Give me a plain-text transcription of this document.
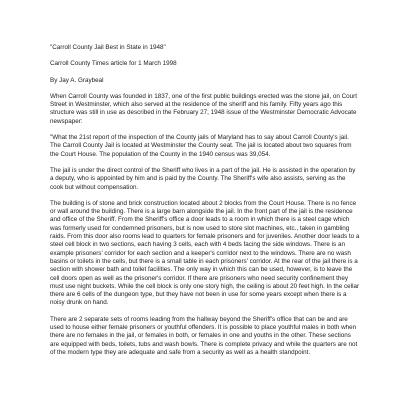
"Carroll County Jail Best in State in 1948"

Carroll County Times article for 1 March 1998

By Jay A. Graybeal

When Carroll County was founded in 1837, one of the first public buildings erected was the stone jail, on Court Street in Westminster, which also served at the residence of the sheriff and his family. Fifty years ago this structure was still in use as described in the February 27, 1948 issue of the Westminster Democratic Advocate newspaper:

"What the 21st report of the inspection of the County jails of Maryland has to say about Carroll County's jail.

The Carroll County Jail is located at Westminster the County seat. The jail is located about two squares from the Court House. The population of the County in the 1940 census was 39,054.

The jail is under the direct control of the Sheriff who lives in a part of the jail. He is assisted in the operation by a deputy, who is appointed by him and is paid by the County. The Sheriff's wife also assists, serving as the cook but without compensation.

The building is of stone and brick construction located about 2 blocks from the Court House. There is no fence or wall around the building. There is a large barn alongside the jail. In the front part of the jail is the residence and office of the Sheriff. From the Sheriff's office a door leads to a room in which there is a steel cage which was formerly used for condemned prisoners, but is now used to store slot machines, etc., taken in gambling raids. From this door also rooms lead to quarters for female prisoners and for juveniles. Another door leads to a steel cell block in two sections, each having 3 cells, each with 4 beds facing the side windows. There is an example prisoners' corridor for each section and a keeper's corridor next to the windows. There are no wash basins or toilets in the cells, but there is a small table in each prisoners' corridor. At the rear of the jail there is a section with shower bath and toilet facilities. The only way in which this can be used, however, is to leave the cell doors open as well as the prisoner's corridor. If there are prisoners who need security confinement they must use night buckets. While the cell block is only one story high, the ceiling is about 20 feet high. In the cellar there are 6 cells of the dungeon type, but they have not been in use for some years except when there is a noisy drunk on hand.

There are 2 separate sets of rooms leading from the hallway beyond the Sheriff's office that can be and are used to house either female prisoners or youthful offenders. It is possible to place youthful males in both when there are no females in the jail, or females in both, or females in one and youths in the other. These sections are equipped with beds, toilets, tubs and wash bowls. There is complete privacy and while the quarters are not of the modern type they are adequate and safe from a security as well as a health standpoint.
